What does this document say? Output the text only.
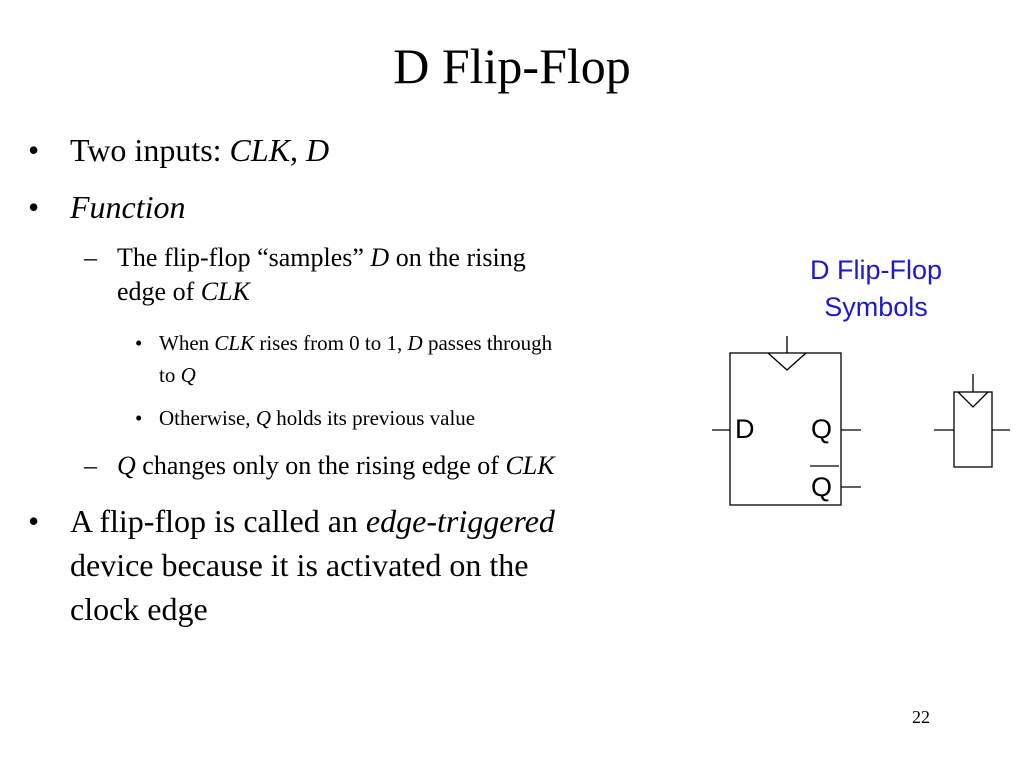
D Flip-Flop
• Two inputs: CLK, D
• Function
– The flip-flop “samples” D on the rising
edge of CLK
• When CLK rises from 0 to 1, D passes through
to Q
• Otherwise, Q holds its previous value
– Q changes only on the rising edge of CLK
• A flip-flop is called an edge-triggered
device because it is activated on the
clock edge
D Flip-Flop
Symbols
D Q
Q
22
